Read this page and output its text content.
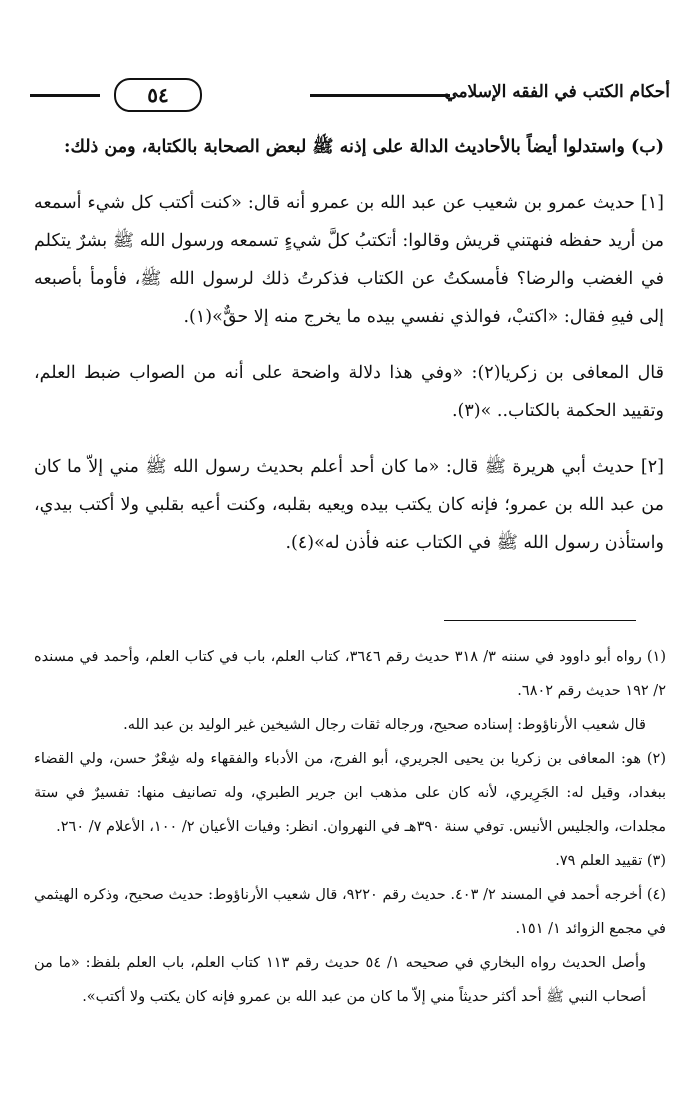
٥٤	أحكام الكتب في الفقه الإسلامي

(ب) واستدلوا أيضاً بالأحاديث الدالة على إذنه ﷺ لبعض الصحابة بالكتابة، ومن ذلك:

[١] حديث عمرو بن شعيب عن عبد الله بن عمرو أنه قال: «كنت أكتب كل شيء أسمعه من أريد حفظه فنهتني قريش وقالوا: أتكتبُ كلَّ شيءٍ تسمعه ورسول الله ﷺ بشرٌ يتكلم في الغضب والرضا؟ فأمسكتُ عن الكتاب فذكرتُ ذلك لرسول الله ﷺ، فأومأ بأصبعه إلى فيهِ فقال: «اكتبْ، فوالذي نفسي بيده ما يخرج منه إلا حقٌّ»(١).

قال المعافى بن زكريا(٢): «وفي هذا دلالة واضحة على أنه من الصواب ضبط العلم، وتقييد الحكمة بالكتاب.. »(٣).

[٢] حديث أبي هريرة ﷺ قال: «ما كان أحد أعلم بحديث رسول الله ﷺ مني إلاّ ما كان من عبد الله بن عمرو؛ فإنه كان يكتب بيده ويعيه بقلبه، وكنت أعيه بقلبي ولا أكتب بيدي، واستأذن رسول الله ﷺ في الكتاب عنه فأذن له»(٤).

(١) رواه أبو داوود في سننه ٣/ ٣١٨ حديث رقم ٣٦٤٦، كتاب العلم، باب في كتاب العلم، وأحمد في مسنده ٢/ ١٩٢ حديث رقم ٦٨٠٢.

قال شعيب الأرناؤوط: إسناده صحيح، ورجاله ثقات رجال الشيخين غير الوليد بن عبد الله.

(٢) هو: المعافى بن زكريا بن يحيى الجريري، أبو الفرج، من الأدباء والفقهاء وله شِعْرٌ حسن، ولي القضاء ببغداد، وقيل له: الجَرِيري، لأنه كان على مذهب ابن جرير الطبري، وله تصانيف منها: تفسيرٌ في ستة مجلدات، والجليس الأنيس. توفي سنة ٣٩٠هـ في النهروان. انظر: وفيات الأعيان ٢/ ١٠٠، الأعلام ٧/ ٢٦٠.

(٣) تقييد العلم ٧٩.

(٤) أخرجه أحمد في المسند ٢/ ٤٠٣. حديث رقم ٩٢٢٠، قال شعيب الأرناؤوط: حديث صحيح، وذكره الهيثمي في مجمع الزوائد ١/ ١٥١.

وأصل الحديث رواه البخاري في صحيحه ١/ ٥٤ حديث رقم ١١٣ كتاب العلم، باب العلم بلفظ: «ما من أصحاب النبي ﷺ أحد أكثر حديثاً مني إلاّ ما كان من عبد الله بن عمرو فإنه كان يكتب ولا أكتب».
